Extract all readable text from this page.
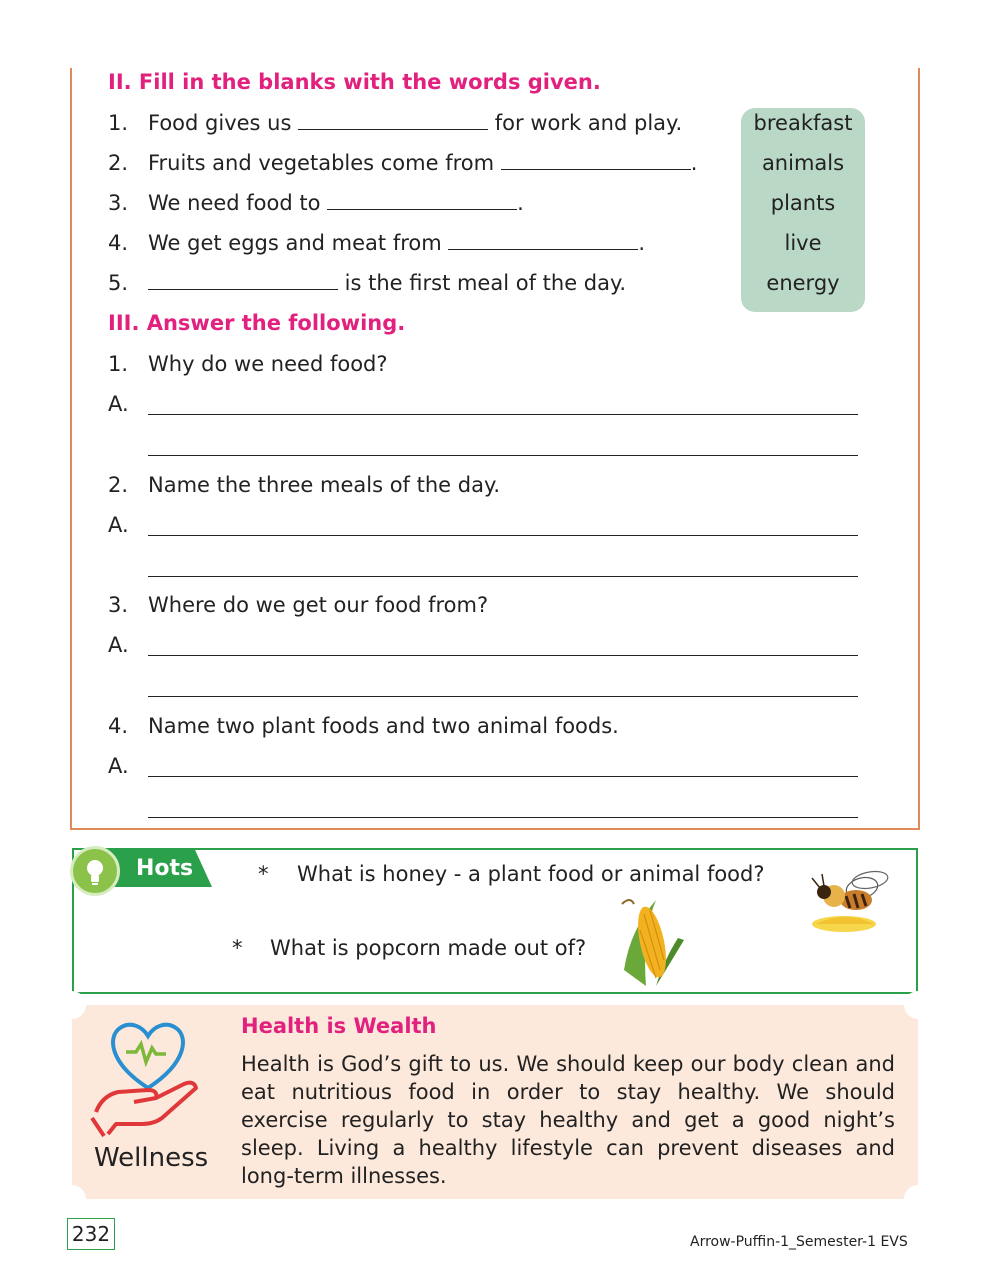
II. Fill in the blanks with the words given.
1. Food gives us	for work and play.
2. Fruits and vegetables come from	.
3. We need food to	.
4. We get eggs and meat from	.
5.	is the first meal of the day.
breakfast
animals
plants
live
energy
III. Answer the following.
1. Why do we need food?
A.
2. Name the three meals of the day.
A.
3. Where do we get our food from?
A.
4. Name two plant foods and two animal foods.
A.
Hots	* What is honey - a plant food or animal food?
* What is popcorn made out of?
Wellness
Health is Wealth
Health is God’s gift to us. We should keep our body clean and eat nutritious food in order to stay healthy. We should exercise regularly to stay healthy and get a good night’s sleep. Living a healthy lifestyle can prevent diseases and long-term illnesses.
232	Arrow-Puffin-1_Semester-1 EVS
